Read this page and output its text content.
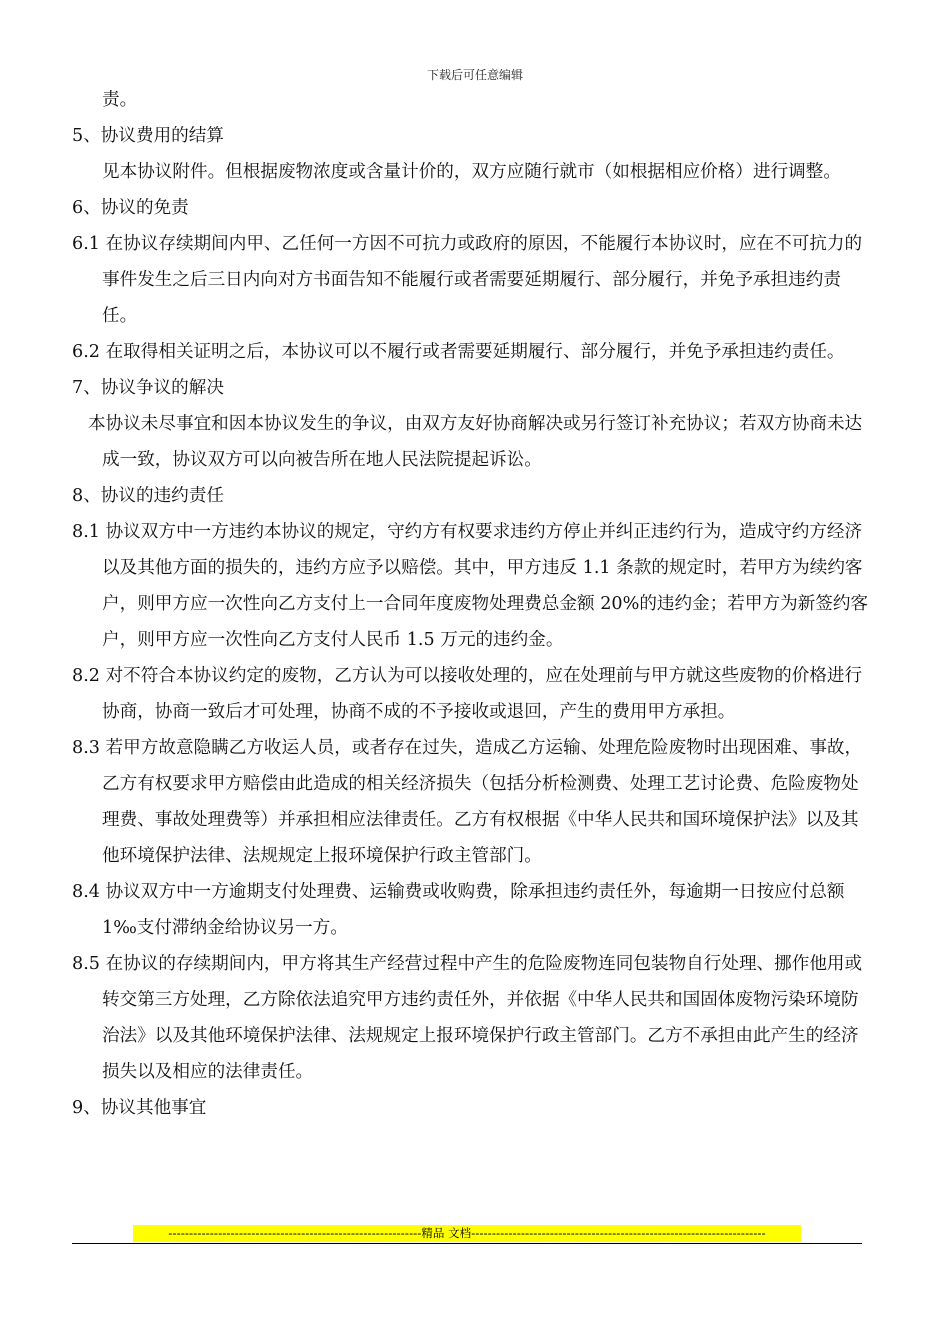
下载后可任意编辑

责。

5、协议费用的结算

见本协议附件。但根据废物浓度或含量计价的，双方应随行就市（如根据相应价格）进行调整。

6、协议的免责

6.1 在协议存续期间内甲、乙任何一方因不可抗力或政府的原因，不能履行本协议时，应在不可抗力的事件发生之后三日内向对方书面告知不能履行或者需要延期履行、部分履行，并免予承担违约责任。

6.2 在取得相关证明之后，本协议可以不履行或者需要延期履行、部分履行，并免予承担违约责任。

7、协议争议的解决

本协议未尽事宜和因本协议发生的争议，由双方友好协商解决或另行签订补充协议；若双方协商未达成一致，协议双方可以向被告所在地人民法院提起诉讼。

8、协议的违约责任

8.1 协议双方中一方违约本协议的规定，守约方有权要求违约方停止并纠正违约行为，造成守约方经济以及其他方面的损失的，违约方应予以赔偿。其中，甲方违反 1.1 条款的规定时，若甲方为续约客户，则甲方应一次性向乙方支付上一合同年度废物处理费总金额 20%的违约金；若甲方为新签约客户，则甲方应一次性向乙方支付人民币 1.5 万元的违约金。

8.2 对不符合本协议约定的废物，乙方认为可以接收处理的，应在处理前与甲方就这些废物的价格进行协商，协商一致后才可处理，协商不成的不予接收或退回，产生的费用甲方承担。

8.3 若甲方故意隐瞒乙方收运人员，或者存在过失，造成乙方运输、处理危险废物时出现困难、事故，乙方有权要求甲方赔偿由此造成的相关经济损失（包括分析检测费、处理工艺讨论费、危险废物处理费、事故处理费等）并承担相应法律责任。乙方有权根据《中华人民共和国环境保护法》以及其他环境保护法律、法规规定上报环境保护行政主管部门。

8.4 协议双方中一方逾期支付处理费、运输费或收购费，除承担违约责任外，每逾期一日按应付总额 1‰支付滞纳金给协议另一方。

8.5 在协议的存续期间内，甲方将其生产经营过程中产生的危险废物连同包装物自行处理、挪作他用或转交第三方处理，乙方除依法追究甲方违约责任外，并依据《中华人民共和国固体废物污染环境防治法》以及其他环境保护法律、法规规定上报环境保护行政主管部门。乙方不承担由此产生的经济损失以及相应的法律责任。

9、协议其他事宜

-------------------------------------------------------------精品 文档-----------------------------------------------------------------------
